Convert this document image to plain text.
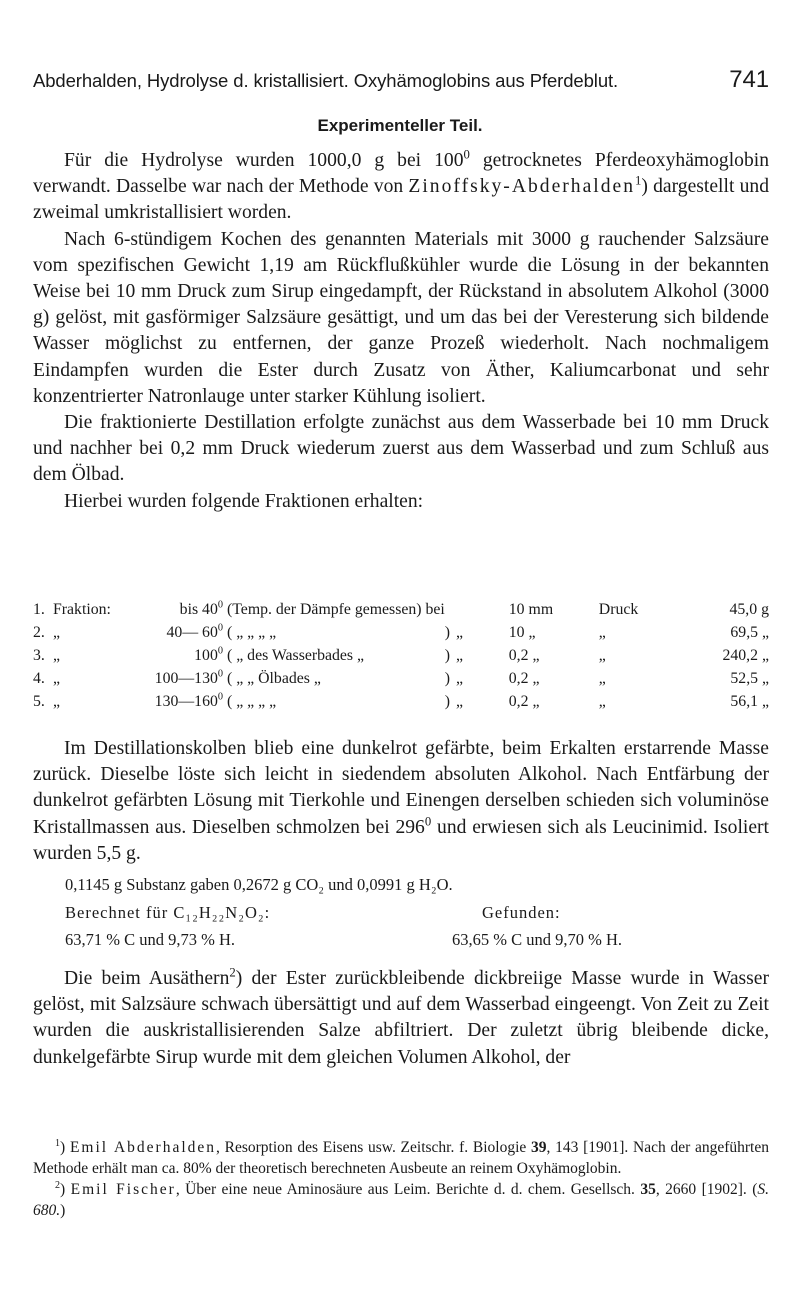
Abderhalden, Hydrolyse d. kristallisiert. Oxyhämoglobins aus Pferdeblut.	741
Experimenteller Teil.

Für die Hydrolyse wurden 1000,0 g bei $100^0$ getrocknetes Pferdeoxyhämoglobin verwandt. Dasselbe war nach der Methode von Zinoffsky-Abderhalden$^1$) dargestellt und zweimal umkristallisiert worden.

Nach 6-stündigem Kochen des genannten Materials mit 3000 g rauchender Salzsäure vom spezifischen Gewicht 1,19 am Rückflußkühler wurde die Lösung in der bekannten Weise bei 10 mm Druck zum Sirup eingedampft, der Rückstand in absolutem Alkohol (3000 g) gelöst, mit gasförmiger Salzsäure gesättigt, und um das bei der Veresterung sich bildende Wasser möglichst zu entfernen, der ganze Prozeß wiederholt. Nach nochmaligem Eindampfen wurden die Ester durch Zusatz von Äther, Kaliumcarbonat und sehr konzentrierter Natronlauge unter starker Kühlung isoliert.

Die fraktionierte Destillation erfolgte zunächst aus dem Wasserbade bei 10 mm Druck und nachher bei 0,2 mm Druck wiederum zuerst aus dem Wasserbad und zum Schluß aus dem Ölbad.

Hierbei wurden folgende Fraktionen erhalten:

1.	Fraktion:	bis $40^0$	(Temp. der Dämpfe gemessen) bei		10 mm	Druck	45,0 g
2.	„	40— $60^0$	( „ „ „ „	) „	10 „	„	69,5 „
3.	„	$100^0$	( „ des Wasserbades „	) „	0,2 „	„	240,2 „
4.	„	$100—130^0$	( „ „ Ölbades „	) „	0,2 „	„	52,5 „
5.	„	$130—160^0$	( „ „ „ „	) „	0,2 „	„	56,1 „

Im Destillationskolben blieb eine dunkelrot gefärbte, beim Erkalten erstarrende Masse zurück. Dieselbe löste sich leicht in siedendem absoluten Alkohol. Nach Entfärbung der dunkelrot gefärbten Lösung mit Tierkohle und Einengen derselben schieden sich voluminöse Kristallmassen aus. Dieselben schmolzen bei $296^0$ und erwiesen sich als Leucinimid. Isoliert wurden 5,5 g.

0,1145 g Substanz gaben 0,2672 g CO₂ und 0,0991 g H₂O.
Berechnet für C₁₂H₂₂N₂O₂:	Gefunden:
63,71 % C und 9,73 % H.	63,65 % C und 9,70 % H.

Die beim Ausäthern$^2$) der Ester zurückbleibende dickbreiige Masse wurde in Wasser gelöst, mit Salzsäure schwach übersättigt und auf dem Wasserbad eingeengt. Von Zeit zu Zeit wurden die auskristallisierenden Salze abfiltriert. Der zuletzt übrig bleibende dicke, dunkelgefärbte Sirup wurde mit dem gleichen Volumen Alkohol, der

$^1$) Emil Abderhalden, Resorption des Eisens usw. Zeitschr. f. Biologie 39, 143 [1901]. Nach der angeführten Methode erhält man ca. 80% der theoretisch berechneten Ausbeute an reinem Oxyhämoglobin.

$^2$) Emil Fischer, Über eine neue Aminosäure aus Leim. Berichte d. d. chem. Gesellsch. 35, 2660 [1902]. (S. 680.)
